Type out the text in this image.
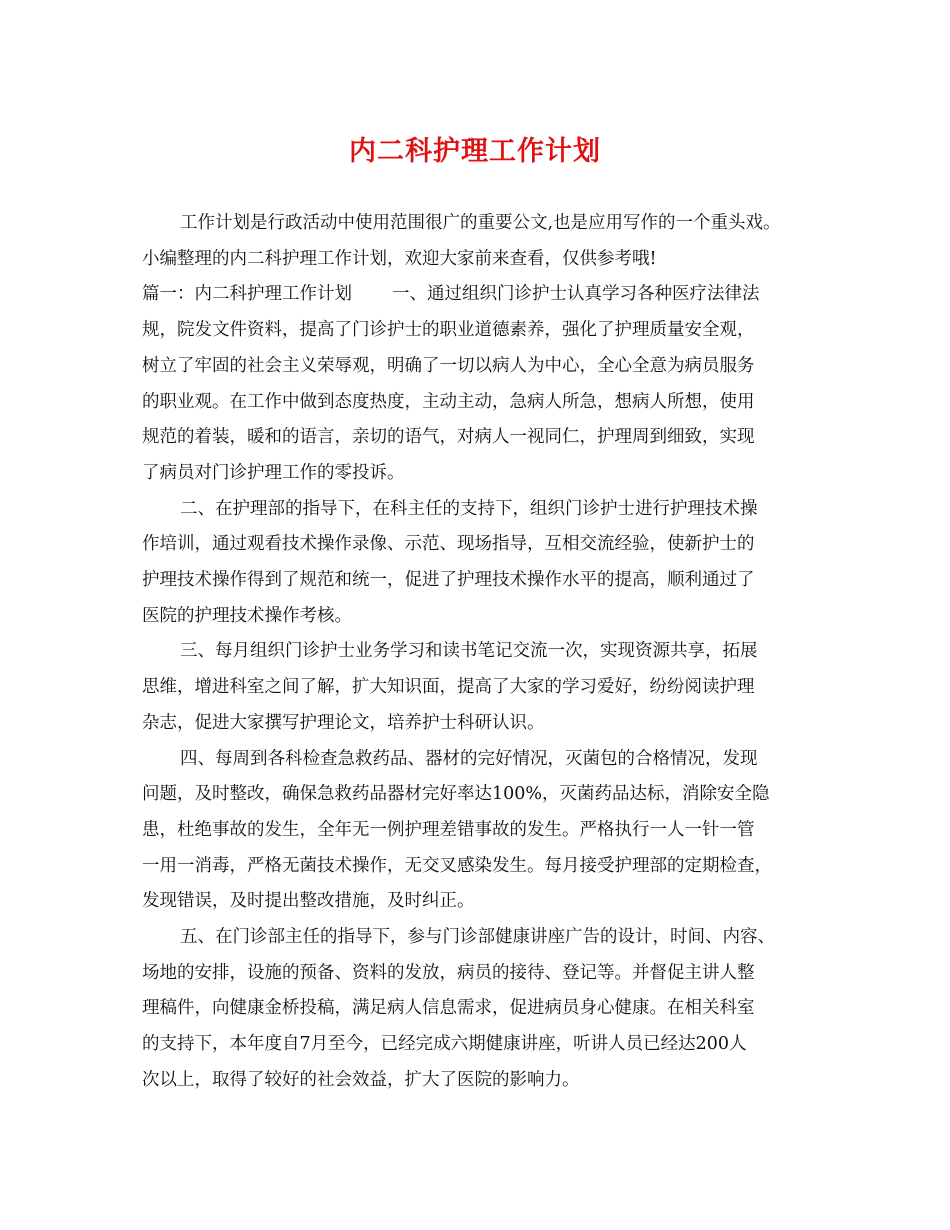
内二科护理工作计划

工作计划是行政活动中使用范围很广的重要公文,也是应用写作的一个重头戏。

小编整理的内二科护理工作计划，欢迎大家前来查看，仅供参考哦!

篇一：内二科护理工作计划 一、通过组织门诊护士认真学习各种医疗法律法

规，院发文件资料，提高了门诊护士的职业道德素养，强化了护理质量安全观，

树立了牢固的社会主义荣辱观，明确了一切以病人为中心，全心全意为病员服务

的职业观。在工作中做到态度热度，主动主动，急病人所急，想病人所想，使用

规范的着装，暖和的语言，亲切的语气，对病人一视同仁，护理周到细致，实现

了病员对门诊护理工作的零投诉。

二、在护理部的指导下，在科主任的支持下，组织门诊护士进行护理技术操

作培训，通过观看技术操作录像、示范、现场指导，互相交流经验，使新护士的

护理技术操作得到了规范和统一，促进了护理技术操作水平的提高，顺利通过了

医院的护理技术操作考核。

三、每月组织门诊护士业务学习和读书笔记交流一次，实现资源共享，拓展

思维，增进科室之间了解，扩大知识面，提高了大家的学习爱好，纷纷阅读护理

杂志，促进大家撰写护理论文，培养护士科研认识。

四、每周到各科检查急救药品、器材的完好情况，灭菌包的合格情况，发现

问题，及时整改，确保急救药品器材完好率达100%，灭菌药品达标，消除安全隐

患，杜绝事故的发生，全年无一例护理差错事故的发生。严格执行一人一针一管

一用一消毒，严格无菌技术操作，无交叉感染发生。每月接受护理部的定期检查，

发现错误，及时提出整改措施，及时纠正。

五、在门诊部主任的指导下，参与门诊部健康讲座广告的设计，时间、内容、

场地的安排，设施的预备、资料的发放，病员的接待、登记等。并督促主讲人整

理稿件，向健康金桥投稿，满足病人信息需求，促进病员身心健康。在相关科室

的支持下，本年度自7月至今，已经完成六期健康讲座，听讲人员已经达200人

次以上，取得了较好的社会效益，扩大了医院的影响力。
